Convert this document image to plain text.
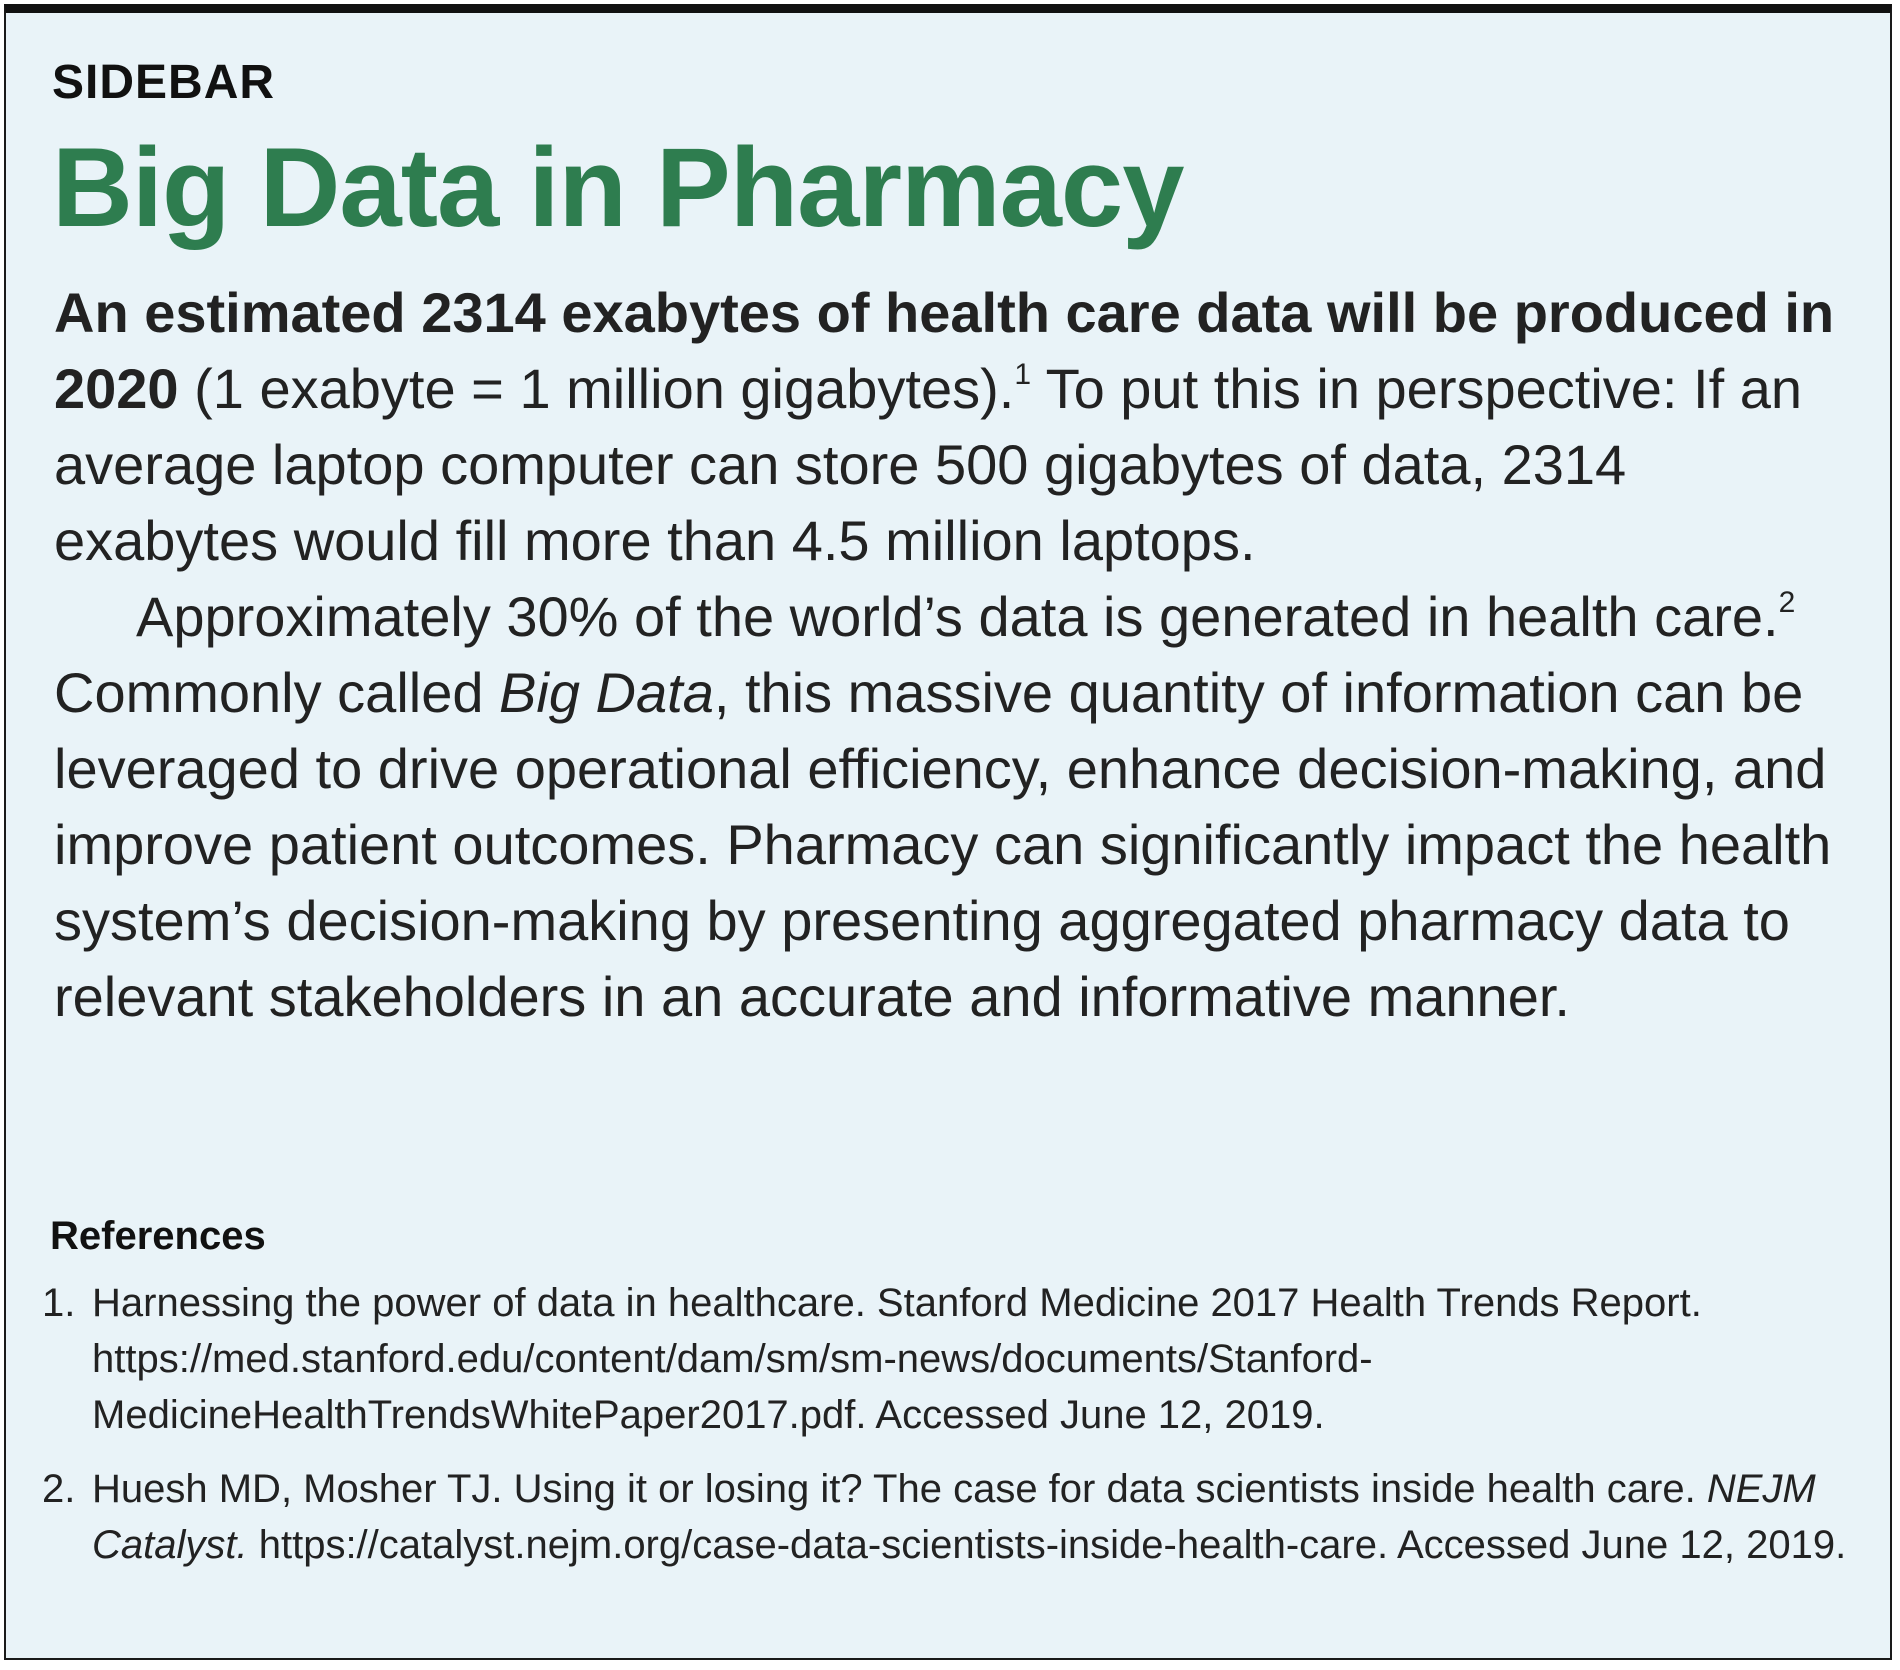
SIDEBAR
Big Data in Pharmacy

An estimated 2314 exabytes of health care data will be produced in 2020 (1 exabyte = 1 million gigabytes).$^1$ To put this in perspective: If an average laptop computer can store 500 gigabytes of data, 2314 exabytes would fill more than 4.5 million laptops.

Approximately 30% of the world’s data is generated in health care.$^2$ Commonly called Big Data, this massive quantity of information can be leveraged to drive operational efficiency, enhance decision-making, and improve patient outcomes. Pharmacy can significantly impact the health system’s decision-making by presenting aggregated pharmacy data to relevant stakeholders in an accurate and informative manner.

References
1. Harnessing the power of data in healthcare. Stanford Medicine 2017 Health Trends Report. https://med.stanford.edu/content/dam/sm/sm-news/documents/Stanford-MedicineHealthTrendsWhitePaper2017.pdf. Accessed June 12, 2019.
2. Huesh MD, Mosher TJ. Using it or losing it? The case for data scientists inside health care. NEJM Catalyst. https://catalyst.nejm.org/case-data-scientists-inside-health-care. Accessed June 12, 2019.
